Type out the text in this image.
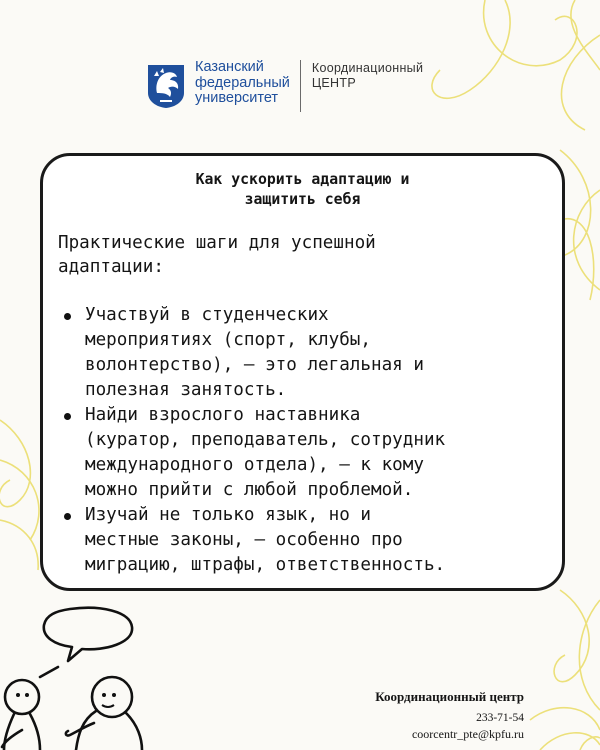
Казанский
федеральный
университет
Координационный
ЦЕНТР
Как ускорить адаптацию и
защитить себя
Практические шаги для успешной
адаптации:
Участвуй в студенческих
мероприятиях (спорт, клубы,
волонтерство), – это легальная и
полезная занятость.
Найди взрослого наставника
(куратор, преподаватель, сотрудник
международного отдела), – к кому
можно прийти с любой проблемой.
Изучай не только язык, но и
местные законы, – особенно про
миграцию, штрафы, ответственность.
Координационный центр
233-71-54
coorcentr_pte@kpfu.ru
